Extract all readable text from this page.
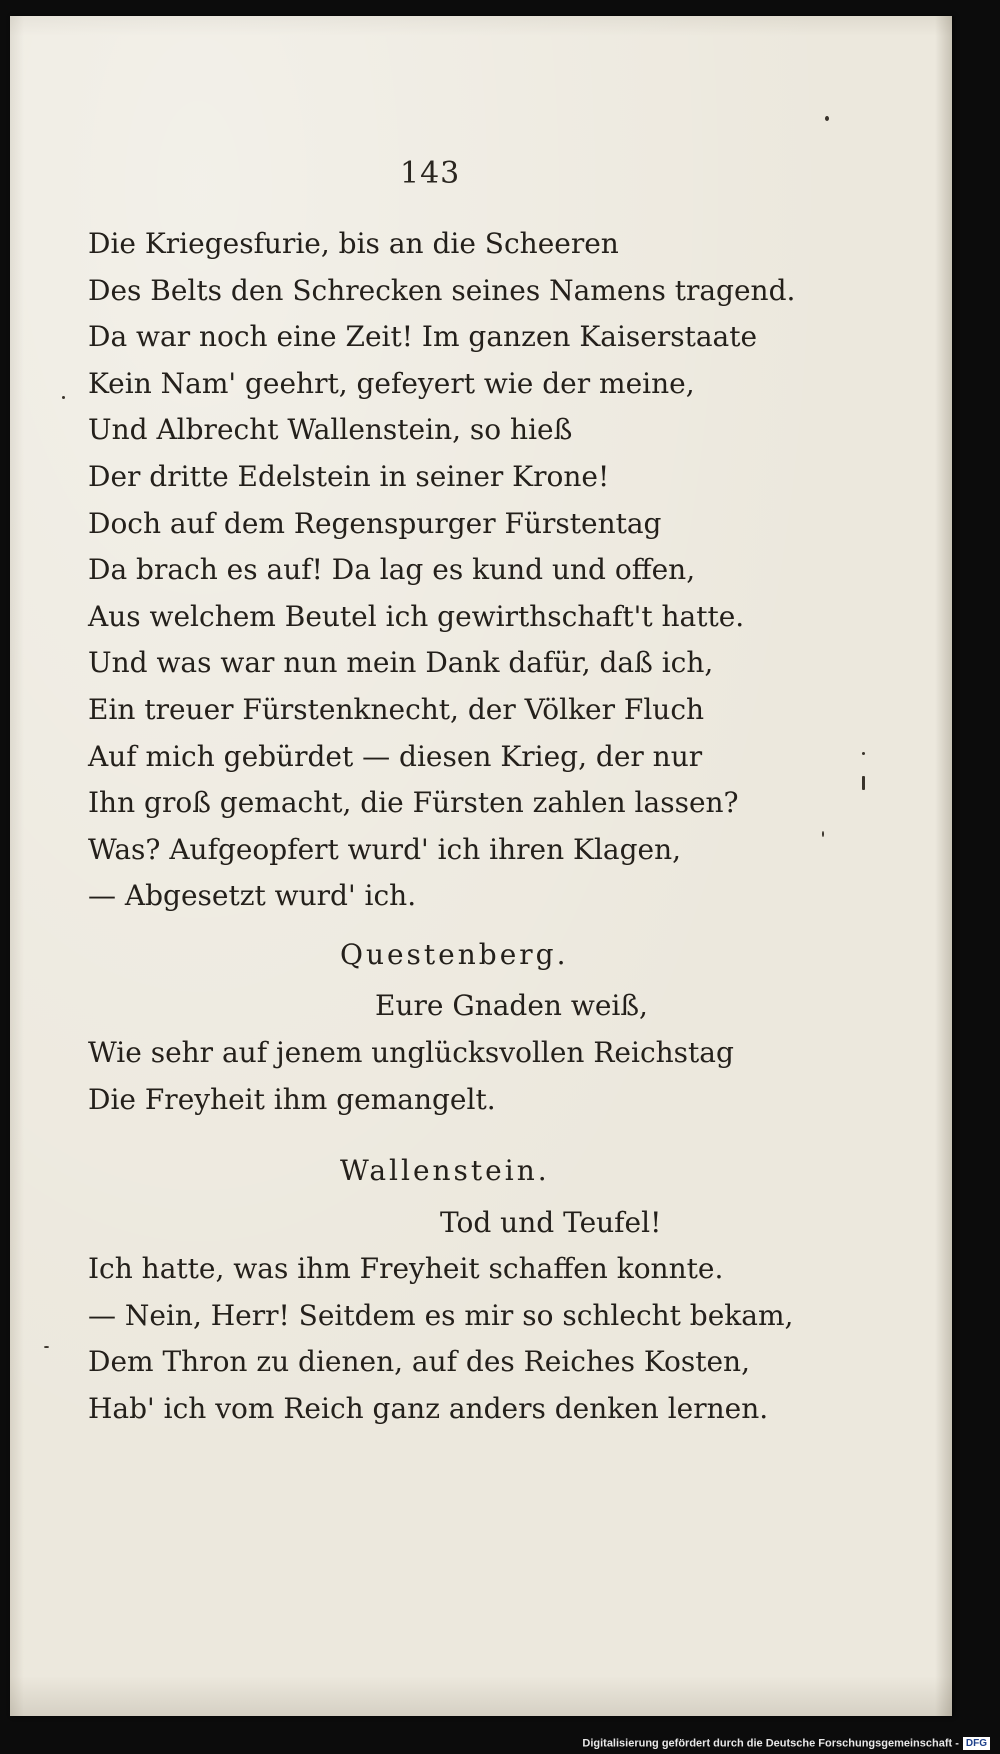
143
Die Kriegesfurie, bis an die Scheeren
Des Belts den Schrecken seines Namens tragend.
Da war noch eine Zeit! Im ganzen Kaiserstaate
Kein Nam' geehrt, gefeyert wie der meine,
Und Albrecht Wallenstein, so hieß
Der dritte Edelstein in seiner Krone!
Doch auf dem Regenspurger Fürstentag
Da brach es auf! Da lag es kund und offen,
Aus welchem Beutel ich gewirthschaft't hatte.
Und was war nun mein Dank dafür, daß ich,
Ein treuer Fürstenknecht, der Völker Fluch
Auf mich gebürdet — diesen Krieg, der nur
Ihn groß gemacht, die Fürsten zahlen lassen?
Was? Aufgeopfert wurd' ich ihren Klagen,
— Abgesetzt wurd' ich.
Questenberg.
Eure Gnaden weiß,
Wie sehr auf jenem unglücksvollen Reichstag
Die Freyheit ihm gemangelt.
Wallenstein.
Tod und Teufel!
Ich hatte, was ihm Freyheit schaffen konnte.
— Nein, Herr! Seitdem es mir so schlecht bekam,
Dem Thron zu dienen, auf des Reiches Kosten,
Hab' ich vom Reich ganz anders denken lernen.
Digitalisierung gefördert durch die Deutsche Forschungsgemeinschaft - DFG
